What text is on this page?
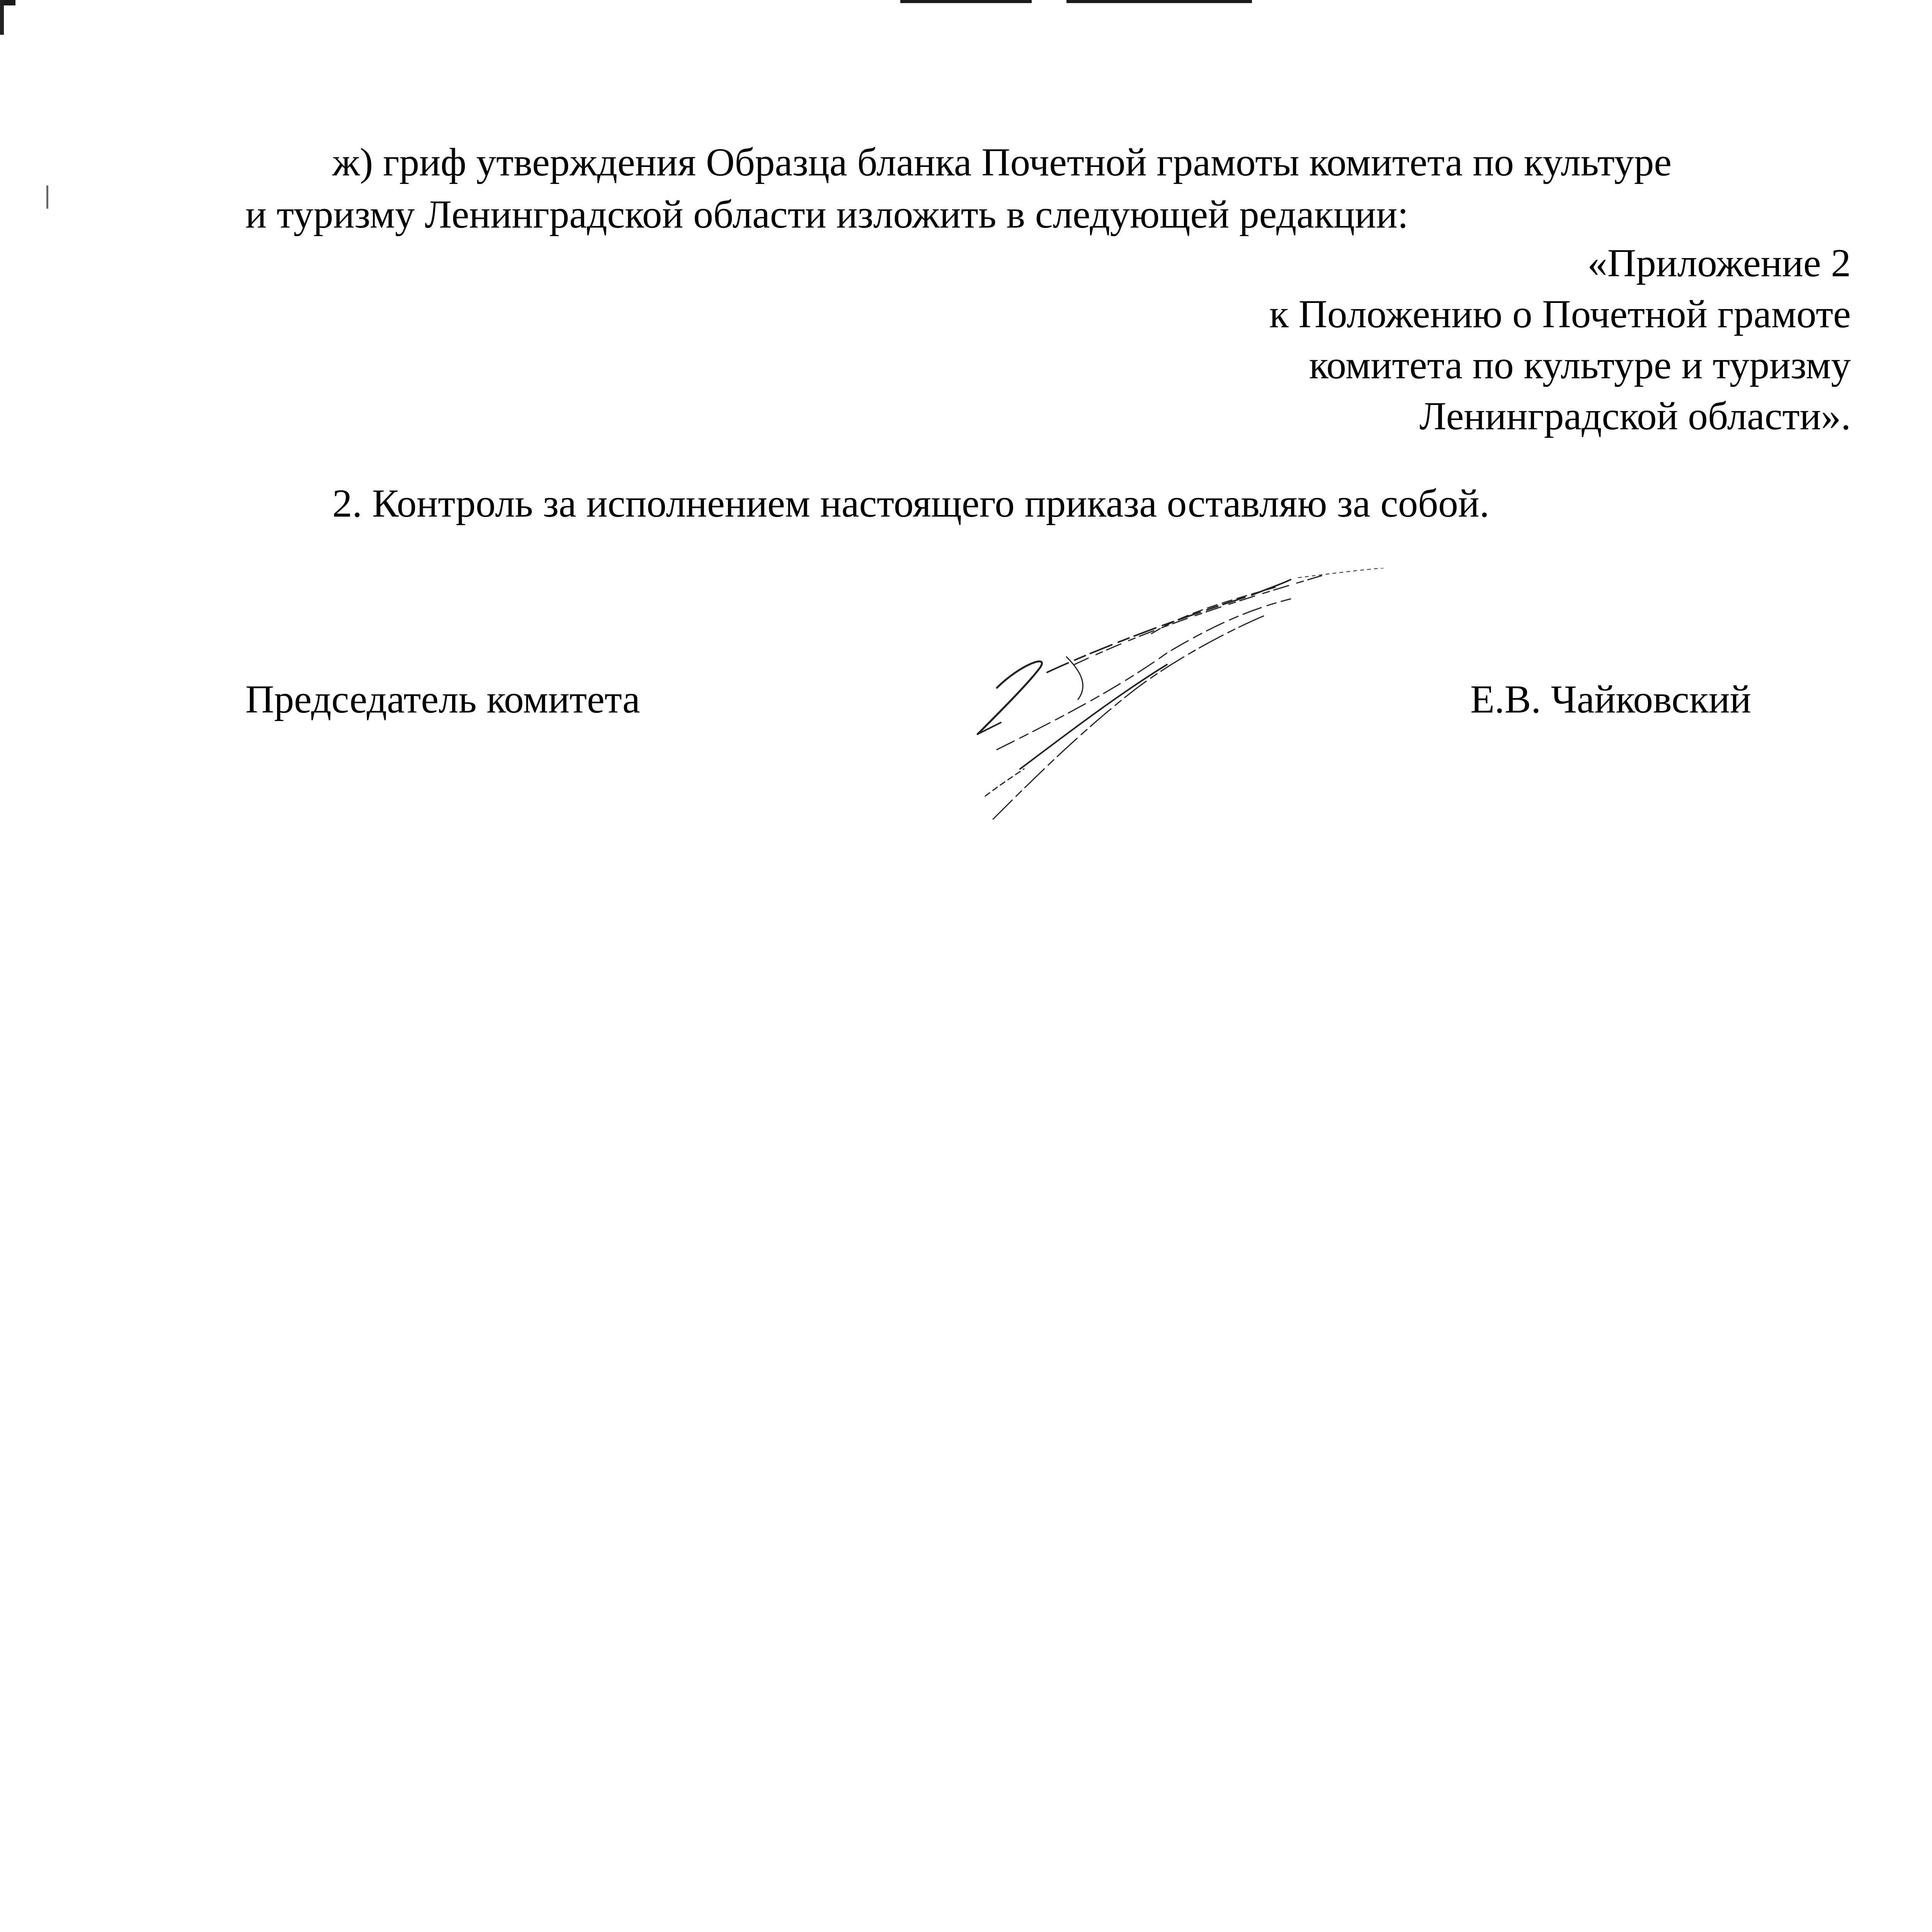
ж) гриф утверждения Образца бланка Почетной грамоты комитета по культуре
и туризму Ленинградской области изложить в следующей редакции:
«Приложение 2
к Положению о Почетной грамоте
комитета по культуре и туризму
Ленинградской области».
2. Контроль за исполнением настоящего приказа оставляю за собой.
Председатель комитета	Е.В. Чайковский
